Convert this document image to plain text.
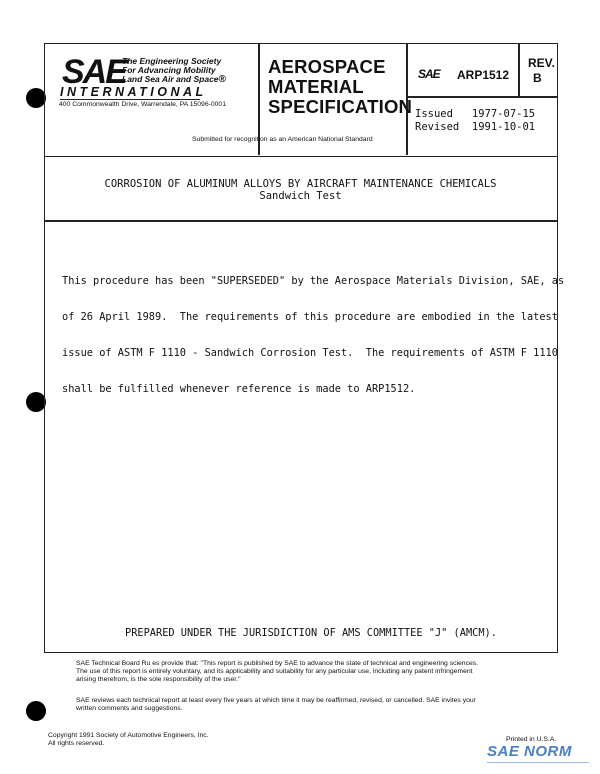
SAE
The Engineering Society
For Advancing Mobility
Land Sea Air and Space®
INTERNATIONAL
400 Commonwealth Drive, Warrendale, PA 15096-0001
AEROSPACE
MATERIAL
SPECIFICATION
SAE ARP1512
REV.
B
Issued   1977-07-15
Revised  1991-10-01
Submitted for recognition as an American National Standard
CORROSION OF ALUMINUM ALLOYS BY AIRCRAFT MAINTENANCE CHEMICALS
Sandwich Test

This procedure has been "SUPERSEDED" by the Aerospace Materials Division, SAE, as

of 26 April 1989.  The requirements of this procedure are embodied in the latest

issue of ASTM F 1110 - Sandwich Corrosion Test.  The requirements of ASTM F 1110

shall be fulfilled whenever reference is made to ARP1512.

PREPARED UNDER THE JURISDICTION OF AMS COMMITTEE "J" (AMCM).
SAE Technical Board Ru es provide that: "This report is published by SAE to advance the state of technical and engineering sciences.
The use of this report is entirely voluntary, and its applicability and suitability for any particular use, including any patent infringement
arising therefrom, is the sole responsibility of the user."
SAE reviews each technical report at least every five years at which time it may be reaffirmed, revised, or cancelled. SAE invites your
written comments and suggestions.
Copyright 1991 Society of Automotive Engineers, Inc.
All rights reserved.
Printed in U.S.A.
SAE NORM
